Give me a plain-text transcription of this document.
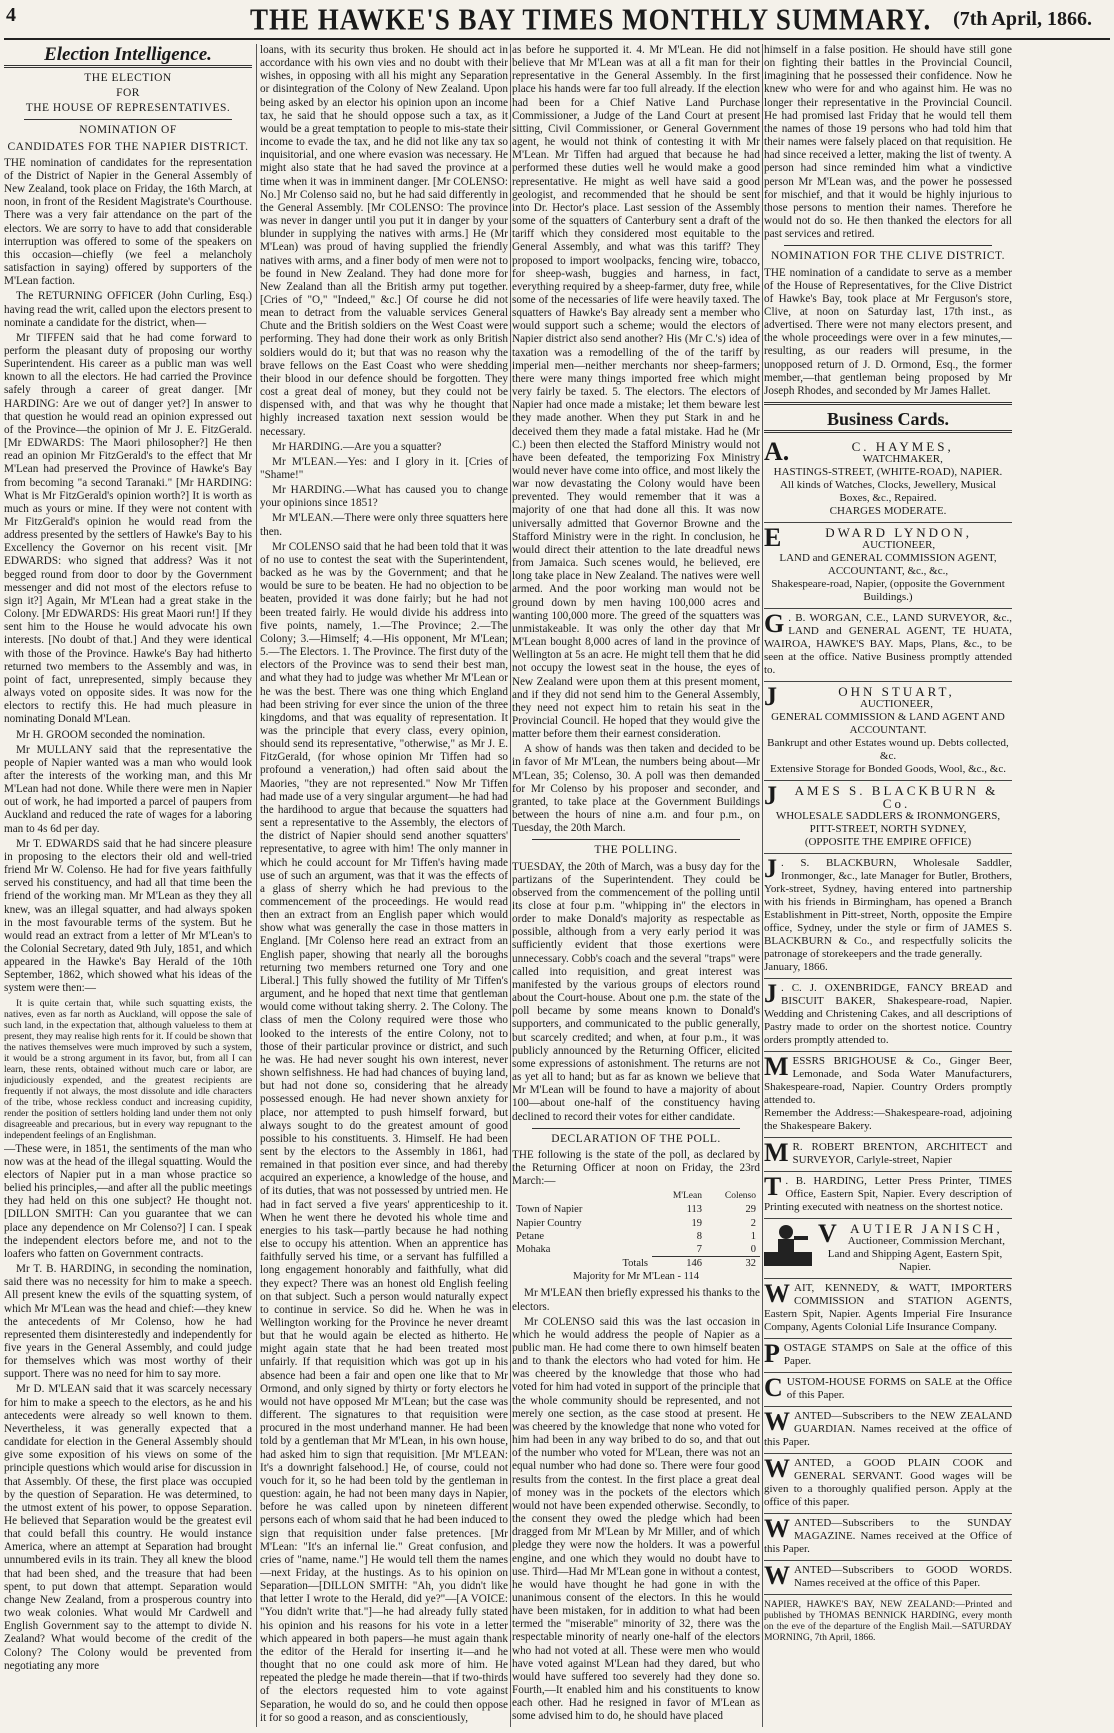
4	THE HAWKE'S BAY TIMES MONTHLY SUMMARY. (7th April, 1866.
Election Intelligence.
THE ELECTION
FOR
THE HOUSE OF REPRESENTATIVES.
NOMINATION OF
CANDIDATES FOR THE NAPIER DISTRICT.

THE nomination of candidates for the representation of the District of Napier in the General Assembly of New Zealand, took place on Friday, the 16th March, at noon, in front of the Resident Magistrate's Courthouse. There was a very fair attendance on the part of the electors. We are sorry to have to add that considerable interruption was offered to some of the speakers on this occasion—chiefly (we feel a melancholy satisfaction in saying) offered by supporters of the M'Lean faction.

The RETURNING OFFICER (John Curling, Esq.) having read the writ, called upon the electors present to nominate a candidate for the district, when—

Mr TIFFEN said that he had come forward to perform the pleasant duty of proposing our worthy Superintendent. His career as a public man was well known to all the electors. He had carried the Province safely through a career of great danger. [Mr HARDING: Are we out of danger yet?] In answer to that question he would read an opinion expressed out of the Province—the opinion of Mr J. E. FitzGerald. [Mr EDWARDS: The Maori philosopher?] He then read an opinion Mr FitzGerald's to the effect that Mr M'Lean had preserved the Province of Hawke's Bay from becoming "a second Taranaki." [Mr HARDING: What is Mr FitzGerald's opinion worth?] It is worth as much as yours or mine. If they were not content with Mr FitzGerald's opinion he would read from the address presented by the settlers of Hawke's Bay to his Excellency the Governor on his recent visit. [Mr EDWARDS: who signed that address? Was it not begged round from door to door by the Government messenger and did not most of the electors refuse to sign it?] Again, Mr M'Lean had a great stake in the Colony. [Mr EDWARDS: His great Maori run!] If they sent him to the House he would advocate his own interests. [No doubt of that.] And they were identical with those of the Province. Hawke's Bay had hitherto returned two members to the Assembly and was, in point of fact, unrepresented, simply because they always voted on opposite sides. It was now for the electors to rectify this. He had much pleasure in nominating Donald M'Lean.

Mr H. GROOM seconded the nomination.

Mr MULLANY said that the representative the people of Napier wanted was a man who would look after the interests of the working man, and this Mr M'Lean had not done. While there were men in Napier out of work, he had imported a parcel of paupers from Auckland and reduced the rate of wages for a laboring man to 4s 6d per day.

Mr T. EDWARDS said that he had sincere pleasure in proposing to the electors their old and well-tried friend Mr W. Colenso. He had for five years faithfully served his constituency, and had all that time been the friend of the working man. Mr M'Lean as they they all knew, was an illegal squatter, and had always spoken in the most favourable terms of the system. But he would read an extract from a letter of Mr M'Lean's to the Colonial Secretary, dated 9th July, 1851, and which appeared in the Hawke's Bay Herald of the 10th September, 1862, which showed what his ideas of the system were then:—

It is quite certain that, while such squatting exists, the natives, even as far north as Auckland, will oppose the sale of such land, in the expectation that, although valueless to them at present, they may realise high rents for it. If could be shown that the natives themselves were much improved by such a system, it would be a strong argument in its favor, but, from all I can learn, these rents, obtained without much care or labor, are injudiciously expended, and the greatest recipients are frequently if not always, the most dissolute and idle characters of the tribe, whose reckless conduct and increasing cupidity, render the position of settlers holding land under them not only disagreeable and precarious, but in every way repugnant to the independent feelings of an Englishman.

—These were, in 1851, the sentiments of the man who now was at the head of the illegal squatting. Would the electors of Napier put in a man whose practice so belied his principles,—and after all the public meetings they had held on this one subject? He thought not. [DILLON SMITH: Can you guarantee that we can place any dependence on Mr Colenso?] I can. I speak the independent electors before me, and not to the loafers who fatten on Government contracts.

Mr T. B. HARDING, in seconding the nomination, said there was no necessity for him to make a speech. All present knew the evils of the squatting system, of which Mr M'Lean was the head and chief:—they knew the antecedents of Mr Colenso, how he had represented them disinterestedly and independently for five years in the General Assembly, and could judge for themselves which was most worthy of their support. There was no need for him to say more.

Mr D. M'LEAN said that it was scarcely necessary for him to make a speech to the electors, as he and his antecedents were already so well known to them. Nevertheless, it was generally expected that a candidate for election in the General Assembly should give some exposition of his views on some of the principle questions which would arise for discussion in that Assembly. Of these, the first place was occupied by the question of Separation. He was determined, to the utmost extent of his power, to oppose Separation. He believed that Separation would be the greatest evil that could befall this country. He would instance America, where an attempt at Separation had brought unnumbered evils in its train. They all knew the blood that had been shed, and the treasure that had been spent, to put down that attempt. Separation would change New Zealand, from a prosperous country into two weak colonies. What would Mr Cardwell and English Government say to the attempt to divide N. Zealand? What would become of the credit of the Colony? The Colony would be prevented from negotiating any more

loans, with its security thus broken. He should act in accordance with his own vies and no doubt with their wishes, in opposing with all his might any Separation or disintegration of the Colony of New Zealand. Upon being asked by an elector his opinion upon an income tax, he said that he should oppose such a tax, as it would be a great temptation to people to mis-state their income to evade the tax, and he did not like any tax so inquisitorial, and one where evasion was necessary. He might also state that he had saved the province at a time when it was in imminent danger. [Mr COLENSO: No.] Mr Colenso said no, but he had said differently in the General Assembly. [Mr COLENSO: The province was never in danger until you put it in danger by your blunder in supplying the natives with arms.] He (Mr M'Lean) was proud of having supplied the friendly natives with arms, and a finer body of men were not to be found in New Zealand. They had done more for New Zealand than all the British army put together. [Cries of "O," "Indeed," &c.] Of course he did not mean to detract from the valuable services General Chute and the British soldiers on the West Coast were performing. They had done their work as only British soldiers would do it; but that was no reason why the brave fellows on the East Coast who were shedding their blood in our defence should be forgotten. They cost a great deal of money, but they could not be dispensed with, and that was why he thought that highly increased taxation next session would be necessary.

Mr HARDING.—Are you a squatter?

Mr M'LEAN.—Yes: and I glory in it. [Cries of "Shame!"

Mr HARDING.—What has caused you to change your opinions since 1851?

Mr M'LEAN.—There were only three squatters here then.

Mr COLENSO said that he had been told that it was of no use to contest the seat with the Superintendent, backed as he was by the Government; and that he would be sure to be beaten. He had no objection to be beaten, provided it was done fairly; but he had not been treated fairly. He would divide his address into five points, namely, 1.—The Province; 2.—The Colony; 3.—Himself; 4.—His opponent, Mr M'Lean; 5.—The Electors. 1. The Province. The first duty of the electors of the Province was to send their best man, and what they had to judge was whether Mr M'Lean or he was the best. There was one thing which England had been striving for ever since the union of the three kingdoms, and that was equality of representation. It was the principle that every class, every opinion, should send its representative, "otherwise," as Mr J. E. FitzGerald, (for whose opinion Mr Tiffen had so profound a veneration,) had often said about the Maories, "they are not represented." Now Mr Tiffen had made use of a very singular argument—he had had the hardihood to argue that because the squatters had sent a representative to the Assembly, the electors of the district of Napier should send another squatters' representative, to agree with him! The only manner in which he could account for Mr Tiffen's having made use of such an argument, was that it was the effects of a glass of sherry which he had previous to the commencement of the proceedings. He would read then an extract from an English paper which would show what was generally the case in those matters in England. [Mr Colenso here read an extract from an English paper, showing that nearly all the boroughs returning two members returned one Tory and one Liberal.] This fully showed the futility of Mr Tiffen's argument, and he hoped that next time that gentleman would come without taking sherry. 2. The Colony. The class of men the Colony required were those who looked to the interests of the entire Colony, not to those of their particular province or district, and such he was. He had never sought his own interest, never shown selfishness. He had had chances of buying land, but had not done so, considering that he already possessed enough. He had never shown anxiety for place, nor attempted to push himself forward, but always sought to do the greatest amount of good possible to his constituents. 3. Himself. He had been sent by the electors to the Assembly in 1861, had remained in that position ever since, and had thereby acquired an experience, a knowledge of the house, and of its duties, that was not possessed by untried men. He had in fact served a five years' apprenticeship to it. When he went there he devoted his whole time and energies to his task—partly because he had nothing else to occupy his attention. When an apprentice has faithfully served his time, or a servant has fulfilled a long engagement honorably and faithfully, what did they expect? There was an honest old English feeling on that subject. Such a person would naturally expect to continue in service. So did he. When he was in Wellington working for the Province he never dreamt but that he would again be elected as hitherto. He might again state that he had been treated most unfairly. If that requisition which was got up in his absence had been a fair and open one like that to Mr Ormond, and only signed by thirty or forty electors he would not have opposed Mr M'Lean; but the case was different. The signatures to that requisition were procured in the most underhand manner. He had been told by a gentleman that Mr M'Lean, in his own house, had asked him to sign that requisition. [Mr M'LEAN: It's a downright falsehood.] He, of course, could not vouch for it, so he had been told by the gentleman in question: again, he had not been many days in Napier, before he was called upon by nineteen different persons each of whom said that he had been induced to sign that requisition under false pretences. [Mr M'Lean: "It's an infernal lie." Great confusion, and cries of "name, name."] He would tell them the names—next Friday, at the hustings. As to his opinion on Separation—[DILLON SMITH: "Ah, you didn't like that letter I wrote to the Herald, did ye?"—[A VOICE: "You didn't write that."]—he had already fully stated his opinion and his reasons for his vote in a letter which appeared in both papers—he must again thank the editor of the Herald for inserting it—and he thought that no one could ask more of him. He repeated the pledge he made therein—that if two-thirds of the electors requested him to vote against Separation, he would do so, and he could then oppose it for so good a reason, and as conscientiously,

as before he supported it. 4. Mr M'Lean. He did not believe that Mr M'Lean was at all a fit man for their representative in the General Assembly. In the first place his hands were far too full already. If the election had been for a Chief Native Land Purchase Commissioner, a Judge of the Land Court at present sitting, Civil Commissioner, or General Government agent, he would not think of contesting it with Mr M'Lean. Mr Tiffen had argued that because he had performed these duties well he would make a good representative. He might as well have said a good geologist, and recommended that he should be sent into Dr. Hector's place. Last session of the Assembly some of the squatters of Canterbury sent a draft of the tariff which they considered most equitable to the General Assembly, and what was this tariff? They proposed to import woolpacks, fencing wire, tobacco, for sheep-wash, buggies and harness, in fact, everything required by a sheep-farmer, duty free, while some of the necessaries of life were heavily taxed. The squatters of Hawke's Bay already sent a member who would support such a scheme; would the electors of Napier district also send another? His (Mr C.'s) idea of taxation was a remodelling of the of the tariff by imperial men—neither merchants nor sheep-farmers; there were many things imported free which might very fairly be taxed. 5. The electors. The electors of Napier had once made a mistake; let them beware lest they made another. When they put Stark in and he deceived them they made a fatal mistake. Had he (Mr C.) been then elected the Stafford Ministry would not have been defeated, the temporizing Fox Ministry would never have come into office, and most likely the war now devastating the Colony would have been prevented. They would remember that it was a majority of one that had done all this. It was now universally admitted that Governor Browne and the Stafford Ministry were in the right. In conclusion, he would direct their attention to the late dreadful news from Jamaica. Such scenes would, he believed, ere long take place in New Zealand. The natives were well armed. And the poor working man would not be ground down by men having 100,000 acres and wanting 100,000 more. The greed of the squatters was unmistakeable. It was only the other day that Mr M'Lean bought 8,000 acres of land in the province of Wellington at 5s an acre. He might tell them that he did not occupy the lowest seat in the house, the eyes of New Zealand were upon them at this present moment, and if they did not send him to the General Assembly, they need not expect him to retain his seat in the Provincial Council. He hoped that they would give the matter before them their earnest consideration.

A show of hands was then taken and decided to be in favor of Mr M'Lean, the numbers being about—Mr M'Lean, 35; Colenso, 30. A poll was then demanded for Mr Colenso by his proposer and seconder, and granted, to take place at the Government Buildings between the hours of nine a.m. and four p.m., on Tuesday, the 20th March.

THE POLLING.

TUESDAY, the 20th of March, was a busy day for the partizans of the Superintendent. They could be observed from the commencement of the polling until its close at four p.m. "whipping in" the electors in order to make Donald's majority as respectable as possible, although from a very early period it was sufficiently evident that those exertions were unnecessary. Cobb's coach and the several "traps" were called into requisition, and great interest was manifested by the various groups of electors round about the Court-house. About one p.m. the state of the poll became by some means known to Donald's supporters, and communicated to the public generally, but scarcely credited; and when, at four p.m., it was publicly announced by the Returning Officer, elicited some expressions of astonishment. The returns are not as yet all to hand; but as far as known we believe that Mr M'Lean will be found to have a majority of about 100—about one-half of the constituency having declined to record their votes for either candidate.

DECLARATION OF THE POLL.

THE following is the state of the poll, as declared by the Returning Officer at noon on Friday, the 23rd March:—

	M'Lean	Colenso
Town of Napier	113	29
Napier Country	19	2
Petane	8	1
Mohaka	7	0
Totals	146	32
Majority for Mr M'Lean - 114		

Mr M'LEAN then briefly expressed his thanks to the electors.

Mr COLENSO said this was the last occasion in which he would address the people of Napier as a public man. He had come there to own himself beaten and to thank the electors who had voted for him. He was cheered by the knowledge that those who had voted for him had voted in support of the principle that the whole community should be represented, and not merely one section, as the case stood at present. He was cheered by the knowledge that none who voted for him had been in any way bribed to do so, and that out of the number who voted for M'Lean, there was not an equal number who had done so. There were four good results from the contest. In the first place a great deal of money was in the pockets of the electors which would not have been expended otherwise. Secondly, to the consent they owed the pledge which had been dragged from Mr M'Lean by Mr Miller, and of which pledge they were now the holders. It was a powerful engine, and one which they would no doubt have to use. Third—Had Mr M'Lean gone in without a contest, he would have thought he had gone in with the unanimous consent of the electors. In this he would have been mistaken, for in addition to what had been termed the "miserable" minority of 32, there was the respectable minority of nearly one-half of the electors who had not voted at all. These were men who would have voted against M'Lean had they dared, but who would have suffered too severely had they done so. Fourth,—It enabled him and his constituents to know each other. Had he resigned in favor of M'Lean as some advised him to do, he should have placed

himself in a false position. He should have still gone on fighting their battles in the Provincial Council, imagining that he possessed their confidence. Now he knew who were for and who against him. He was no longer their representative in the Provincial Council. He had promised last Friday that he would tell them the names of those 19 persons who had told him that their names were falsely placed on that requisition. He had since received a letter, making the list of twenty. A person had since reminded him what a vindictive person Mr M'Lean was, and the power he possessed for mischief, and that it would be highly injurious to those persons to mention their names. Therefore he would not do so. He then thanked the electors for all past services and retired.

NOMINATION FOR THE CLIVE DISTRICT.

THE nomination of a candidate to serve as a member of the House of Representatives, for the Clive District of Hawke's Bay, took place at Mr Ferguson's store, Clive, at noon on Saturday last, 17th inst., as advertised. There were not many electors present, and the whole proceedings were over in a few minutes,—resulting, as our readers will presume, in the unopposed return of J. D. Ormond, Esq., the former member,—that gentleman being proposed by Mr Joseph Rhodes, and seconded by Mr James Hallet.

Business Cards.
A.	C. HAYMES,
WATCHMAKER,
HASTINGS-STREET, (WHITE-ROAD), NAPIER.
All kinds of Watches, Clocks, Jewellery, Musical Boxes, &c., Repaired.
CHARGES MODERATE.
E	DWARD LYNDON,
AUCTIONEER,
LAND and GENERAL COMMISSION AGENT, ACCOUNTANT, &c., &c.,
Shakespeare-road, Napier, (opposite the Government Buildings.)
G . B. WORGAN, C.E., LAND SURVEYOR, &c., LAND and GENERAL AGENT, TE HUATA, WAIROA, HAWKE'S BAY. Maps, Plans, &c., to be seen at the office. Native Business promptly attended to.
J	OHN STUART,
AUCTIONEER,
GENERAL COMMISSION & LAND AGENT AND ACCOUNTANT.
Bankrupt and other Estates wound up. Debts collected, &c.
Extensive Storage for Bonded Goods, Wool, &c., &c.
J	AMES S. BLACKBURN & Co.
WHOLESALE SADDLERS & IRONMONGERS,
PITT-STREET, NORTH SYDNEY,
(OPPOSITE THE EMPIRE OFFICE)
J . S. BLACKBURN, Wholesale Saddler, Ironmonger, &c., late Manager for Butler, Brothers, York-street, Sydney, having entered into partnership with his friends in Birmingham, has opened a Branch Establishment in Pitt-street, North, opposite the Empire office, Sydney, under the style or firm of JAMES S. BLACKBURN & Co., and respectfully solicits the patronage of storekeepers and the trade generally.
January, 1866.
J . C. J. OXENBRIDGE, FANCY BREAD and BISCUIT BAKER, Shakespeare-road, Napier. Wedding and Christening Cakes, and all descriptions of Pastry made to order on the shortest notice. Country orders promptly attended to.
M ESSRS BRIGHOUSE & Co., Ginger Beer, Lemonade, and Soda Water Manufacturers, Shakespeare-road, Napier. Country Orders promptly attended to.
Remember the Address:—Shakespeare-road, adjoining the Shakespeare Bakery.
M R. ROBERT BRENTON, ARCHITECT and SURVEYOR, Carlyle-street, Napier
T . B. HARDING, Letter Press Printer, TIMES Office, Eastern Spit, Napier. Every description of Printing executed with neatness on the shortest notice.
V	AUTIER JANISCH,
Auctioneer, Commission Merchant, Land and Shipping Agent, Eastern Spit, Napier.
W AIT, KENNEDY, & WATT, IMPORTERS COMMISSION and STATION AGENTS, Eastern Spit, Napier. Agents Imperial Fire Insurance Company, Agents Colonial Life Insurance Company.
P OSTAGE STAMPS on Sale at the office of this Paper.
C USTOM-HOUSE FORMS on SALE at the Office of this Paper.
W ANTED—Subscribers to the NEW ZEALAND GUARDIAN. Names received at the office of this Paper.
W ANTED, a GOOD PLAIN COOK and GENERAL SERVANT. Good wages will be given to a thoroughly qualified person. Apply at the office of this paper.
W ANTED—Subscribers to the SUNDAY MAGAZINE. Names received at the Office of this Paper.
W ANTED—Subscribers to GOOD WORDS. Names received at the office of this Paper.
NAPIER, HAWKE'S BAY, NEW ZEALAND:—Printed and published by THOMAS BENNICK HARDING, every month on the eve of the departure of the English Mail.—SATURDAY MORNING, 7th April, 1866.
